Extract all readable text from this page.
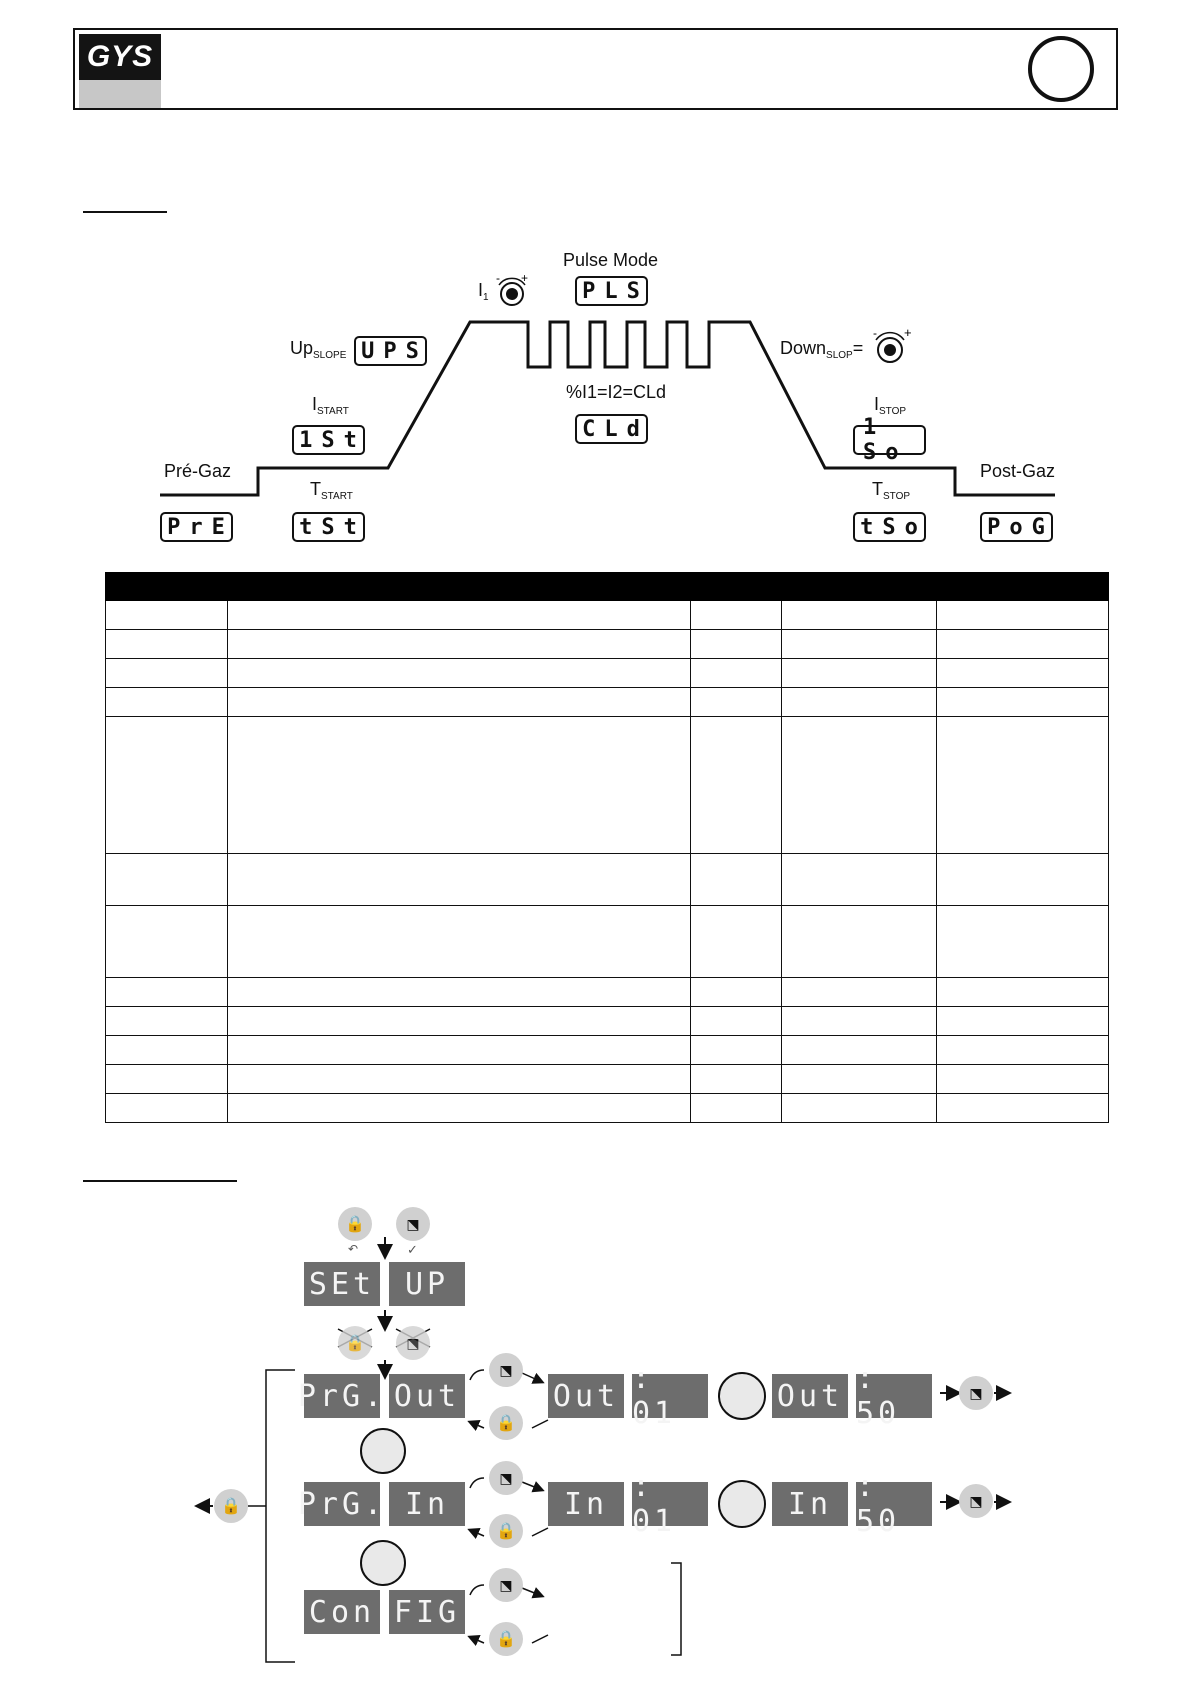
GYS
- +
- +
Pulse Mode
PLS
$I_1$
$Up_{SLOPE}$ UPS
$I_{START}$
1St
Pré-Gaz
PrE
$T_{START}$
tSt
%I1=I2=CLd
CLd
Down$_{SLOP}$=
$I_{STOP}$
1 So
$T_{STOP}$
tSo
Post-Gaz
PoG

🔒
↶
⬔
✓
SEt UP
🔒	⬔
PrG. Out
⬔
🔒
Out : 01	Out : 50
⬔
PrG. In
⬔
🔒
In : 01	In : 50
⬔
Con FIG
⬔
🔒
🔒
